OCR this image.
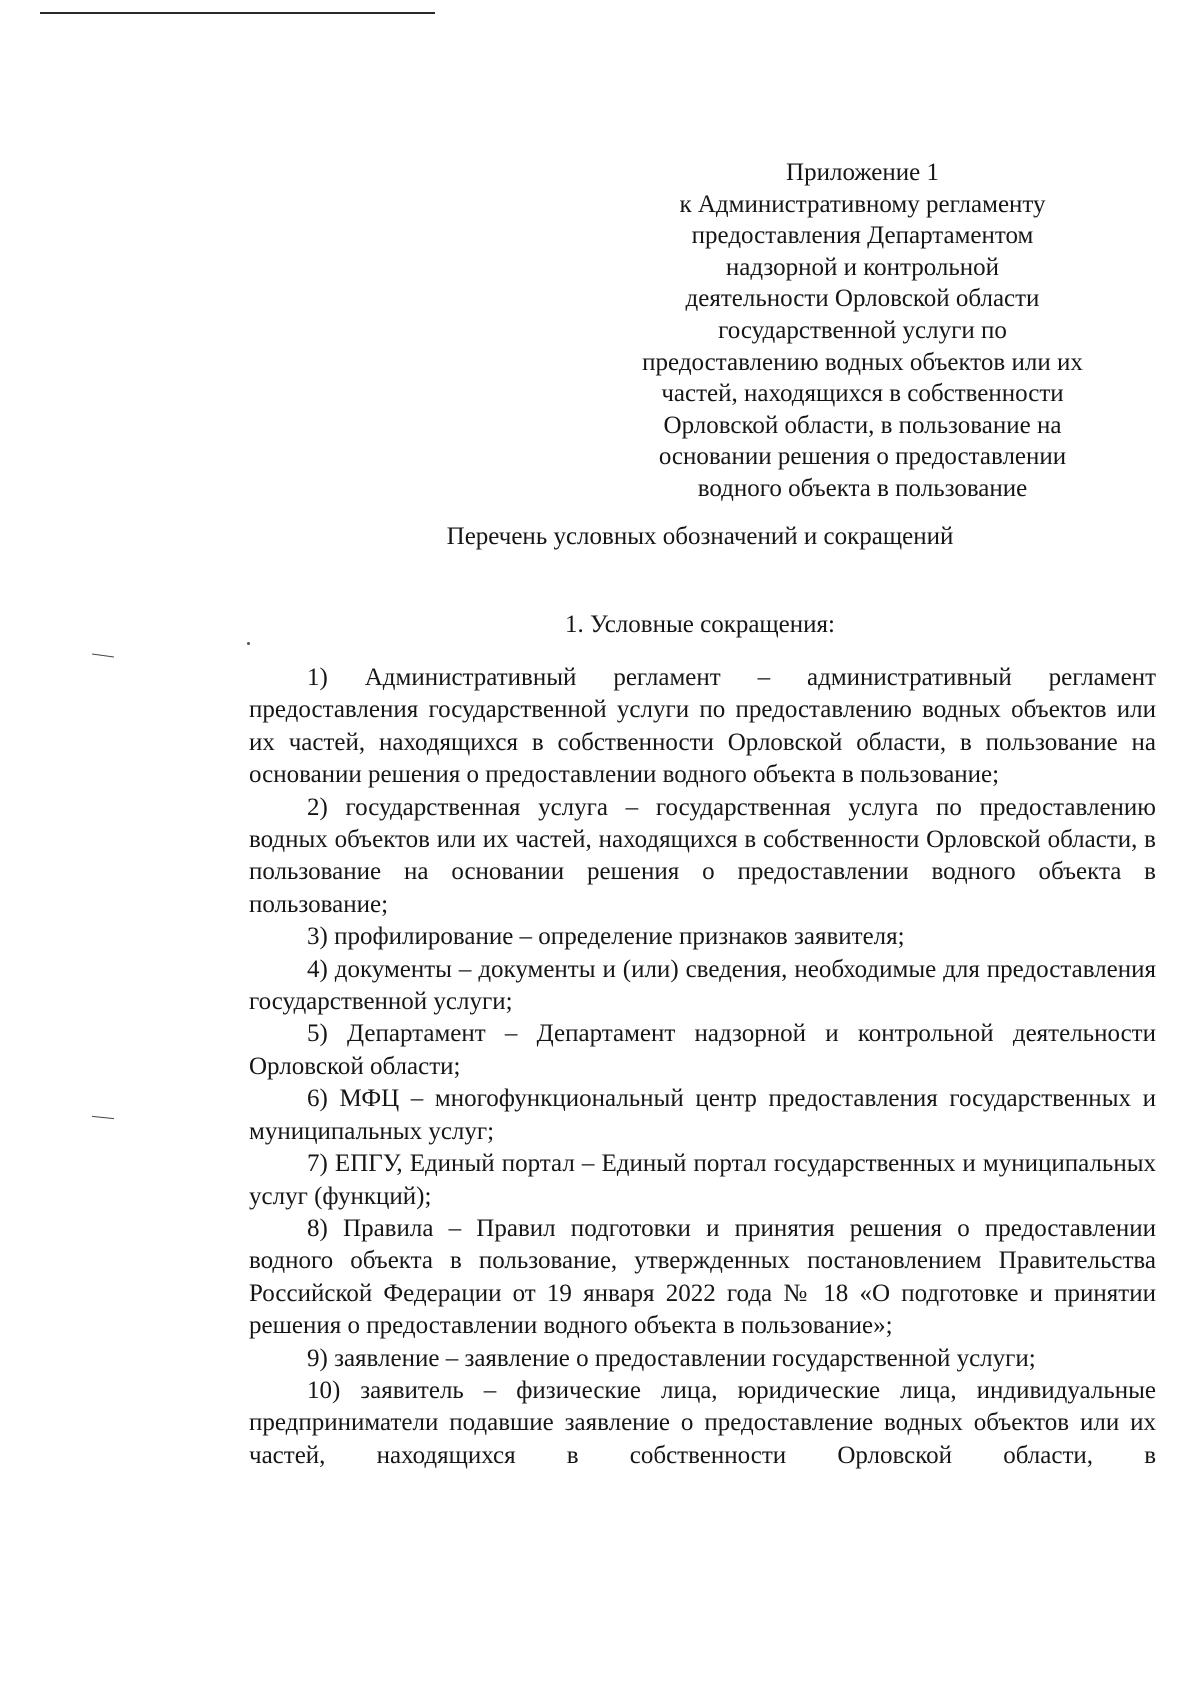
Приложение 1
к Административному регламенту
предоставления Департаментом
надзорной и контрольной
деятельности Орловской области
государственной услуги по
предоставлению водных объектов или их
частей, находящихся в собственности
Орловской области, в пользование на
основании решения о предоставлении
водного объекта в пользование
Перечень условных обозначений и сокращений
1. Условные сокращения:

1) Административный регламент – административный регламент предоставления государственной услуги по предоставлению водных объектов или их частей, находящихся в собственности Орловской области, в пользование на основании решения о предоставлении водного объекта в пользование;

2) государственная услуга – государственная услуга по предоставлению водных объектов или их частей, находящихся в собственности Орловской области, в пользование на основании решения о предоставлении водного объекта в пользование;

3) профилирование – определение признаков заявителя;

4) документы – документы и (или) сведения, необходимые для предоставления государственной услуги;

5) Департамент – Департамент надзорной и контрольной деятельности Орловской области;

6) МФЦ – многофункциональный центр предоставления государственных и муниципальных услуг;

7) ЕПГУ, Единый портал – Единый портал государственных и муниципальных услуг (функций);

8) Правила – Правил подготовки и принятия решения о предоставлении водного объекта в пользование, утвержденных постановлением Правительства Российской Федерации от 19 января 2022 года № 18 «О подготовке и принятии решения о предоставлении водного объекта в пользование»;

9) заявление – заявление о предоставлении государственной услуги;

10) заявитель – физические лица, юридические лица, индивидуальные предприниматели подавшие заявление о предоставление водных объектов или их частей, находящихся в собственности Орловской области, в
